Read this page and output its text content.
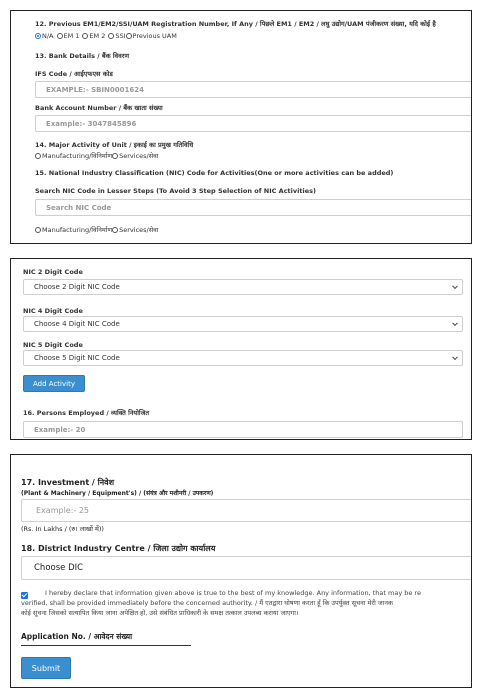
12. Previous EM1/EM2/SSI/UAM Registration Number, If Any / पिछले EM1 / EM2 / लघु उद्योग/UAM पंजीकरण संख्या, यदि कोई है
N/A EM 1 EM 2 SSI Previous UAM
13. Bank Details / बैंक विवरण
IFS Code / आईएफएस कोड
EXAMPLE:- SBIN0001624
Bank Account Number / बैंक खाता संख्या
Example:- 3047845896
14. Major Activity of Unit / इकाई का प्रमुख गतिविधि
Manufacturing/विनिर्माण Services/सेवा
15. National Industry Classification (NIC) Code for Activities(One or more activities can be added)
Search NIC Code in Lesser Steps (To Avoid 3 Step Selection of NIC Activities)
Search NIC Code
Manufacturing/विनिर्माण Services/सेवा
NIC 2 Digit Code
Choose 2 Digit NIC Code
NIC 4 Digit Code
Choose 4 Digit NIC Code
NIC 5 Digit Code
Choose 5 Digit NIC Code
Add Activity
16. Persons Employed / व्यक्ति नियोजित
Example:- 20
17. Investment / निवेश
(Plant & Machinery / Equipment's) / (संयंत्र और मशीनरी / उपकरण)
Example:- 25
(Rs. In Lakhs / (रु। लाखों में))
18. District Industry Centre / जिला उद्योग कार्यालय
Choose DIC
I hereby declare that information given above is true to the best of my knowledge. Any information, that may be re
verified, shall be provided immediately before the concerned authority. / मैं एतद्वारा घोषणा करता हूँ कि उपर्युक्त सूचना मेरी जानक
कोई सूचना जिसको सत्यापित किया जाना अपेक्षित हो, उसे संबंधित प्राधिकारी के समक्ष तत्काल उपलब्ध कराया जाएगा।
Application No. / आवेदन संख्या
Submit
